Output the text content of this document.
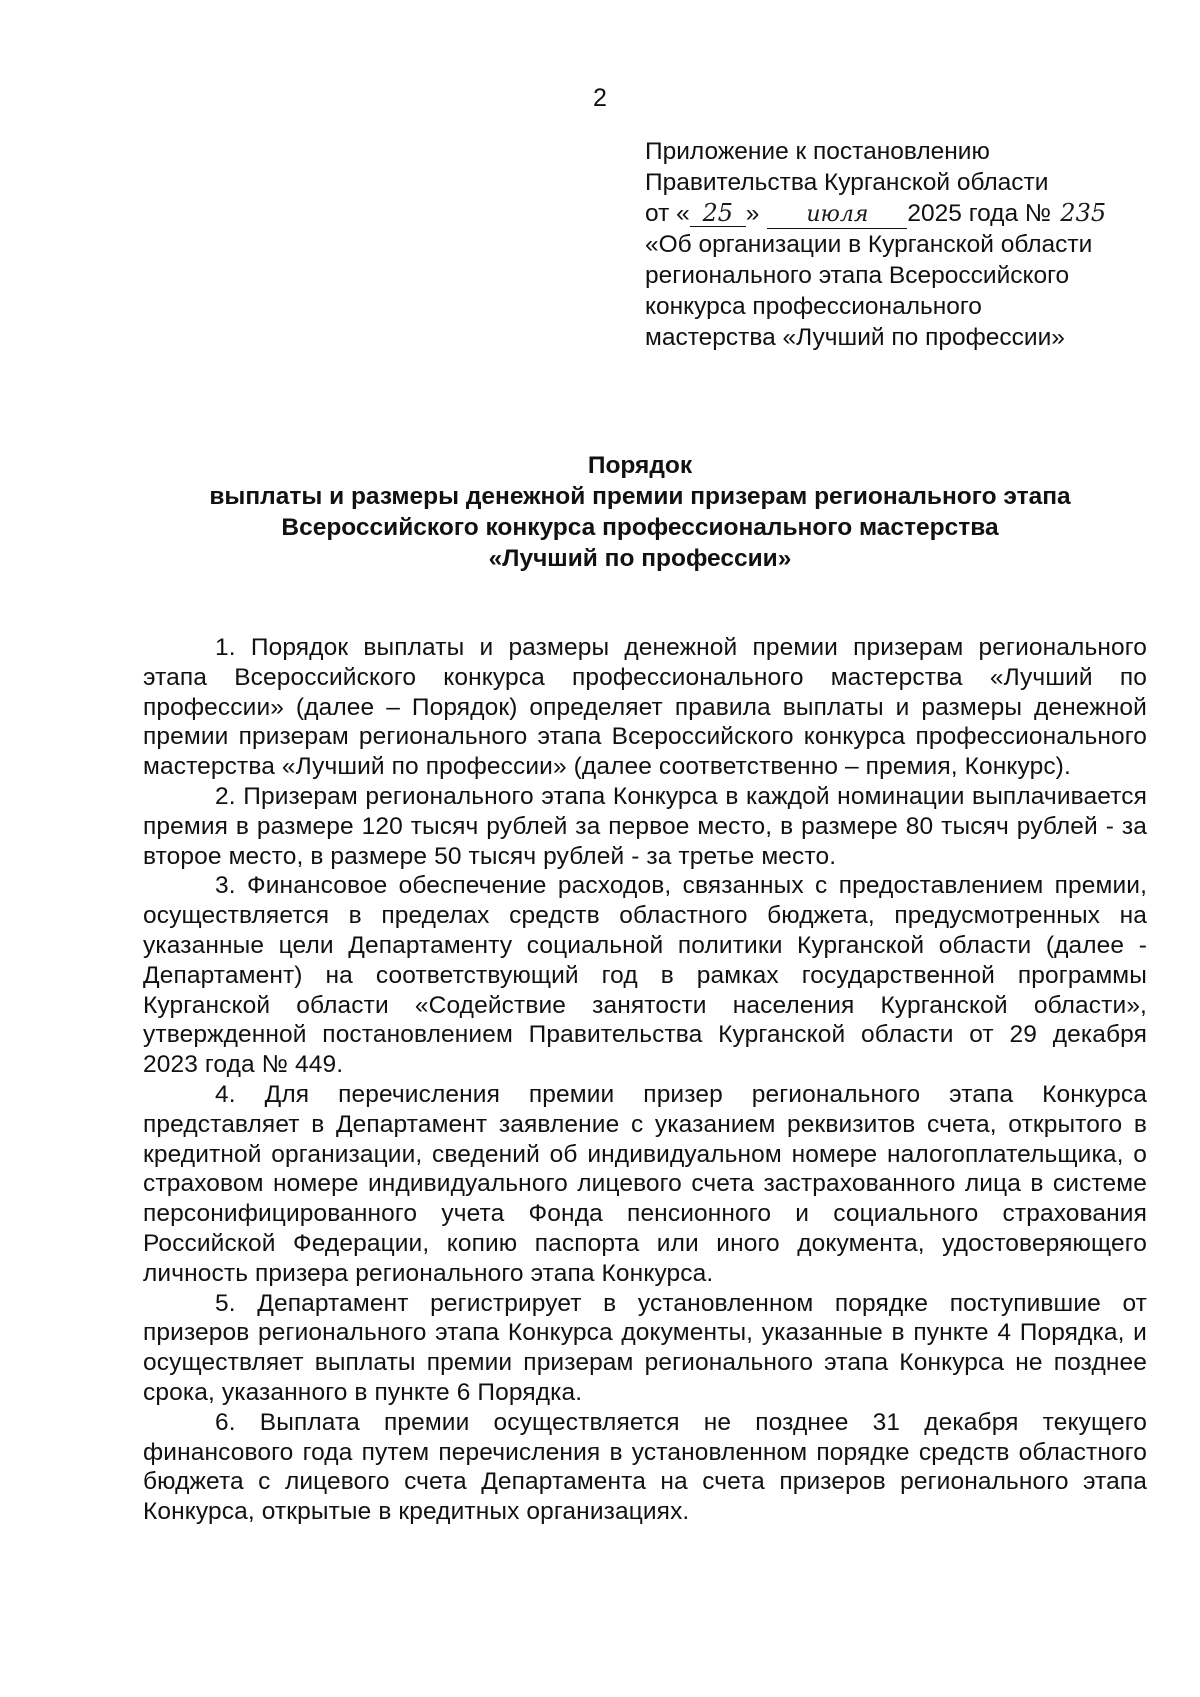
2
Приложение к постановлению
Правительства Курганской области
от « 25 » июля 2025 года № 235
«Об организации в Курганской области
регионального этапа Всероссийского
конкурса профессионального
мастерства «Лучший по профессии»
Порядок
выплаты и размеры денежной премии призерам регионального этапа
Всероссийского конкурса профессионального мастерства
«Лучший по профессии»

1. Порядок выплаты и размеры денежной премии призерам регионального этапа Всероссийского конкурса профессионального мастерства «Лучший по профессии» (далее – Порядок) определяет правила выплаты и размеры денежной премии призерам регионального этапа Всероссийского конкурса профессионального мастерства «Лучший по профессии» (далее соответственно – премия, Конкурс).

2. Призерам регионального этапа Конкурса в каждой номинации выплачивается премия в размере 120 тысяч рублей за первое место, в размере 80 тысяч рублей - за второе место, в размере 50 тысяч рублей - за третье место.

3. Финансовое обеспечение расходов, связанных с предоставлением премии, осуществляется в пределах средств областного бюджета, предусмотренных на указанные цели Департаменту социальной политики Курганской области (далее - Департамент) на соответствующий год в рамках государственной программы Курганской области «Содействие занятости населения Курганской области», утвержденной постановлением Правительства Курганской области от 29 декабря 2023 года № 449.

4. Для перечисления премии призер регионального этапа Конкурса представляет в Департамент заявление с указанием реквизитов счета, открытого в кредитной организации, сведений об индивидуальном номере налогоплательщика, о страховом номере индивидуального лицевого счета застрахованного лица в системе персонифицированного учета Фонда пенсионного и социального страхования Российской Федерации, копию паспорта или иного документа, удостоверяющего личность призера регионального этапа Конкурса.

5. Департамент регистрирует в установленном порядке поступившие от призеров регионального этапа Конкурса документы, указанные в пункте 4 Порядка, и осуществляет выплаты премии призерам регионального этапа Конкурса не позднее срока, указанного в пункте 6 Порядка.

6. Выплата премии осуществляется не позднее 31 декабря текущего финансового года путем перечисления в установленном порядке средств областного бюджета с лицевого счета Департамента на счета призеров регионального этапа Конкурса, открытые в кредитных организациях.
